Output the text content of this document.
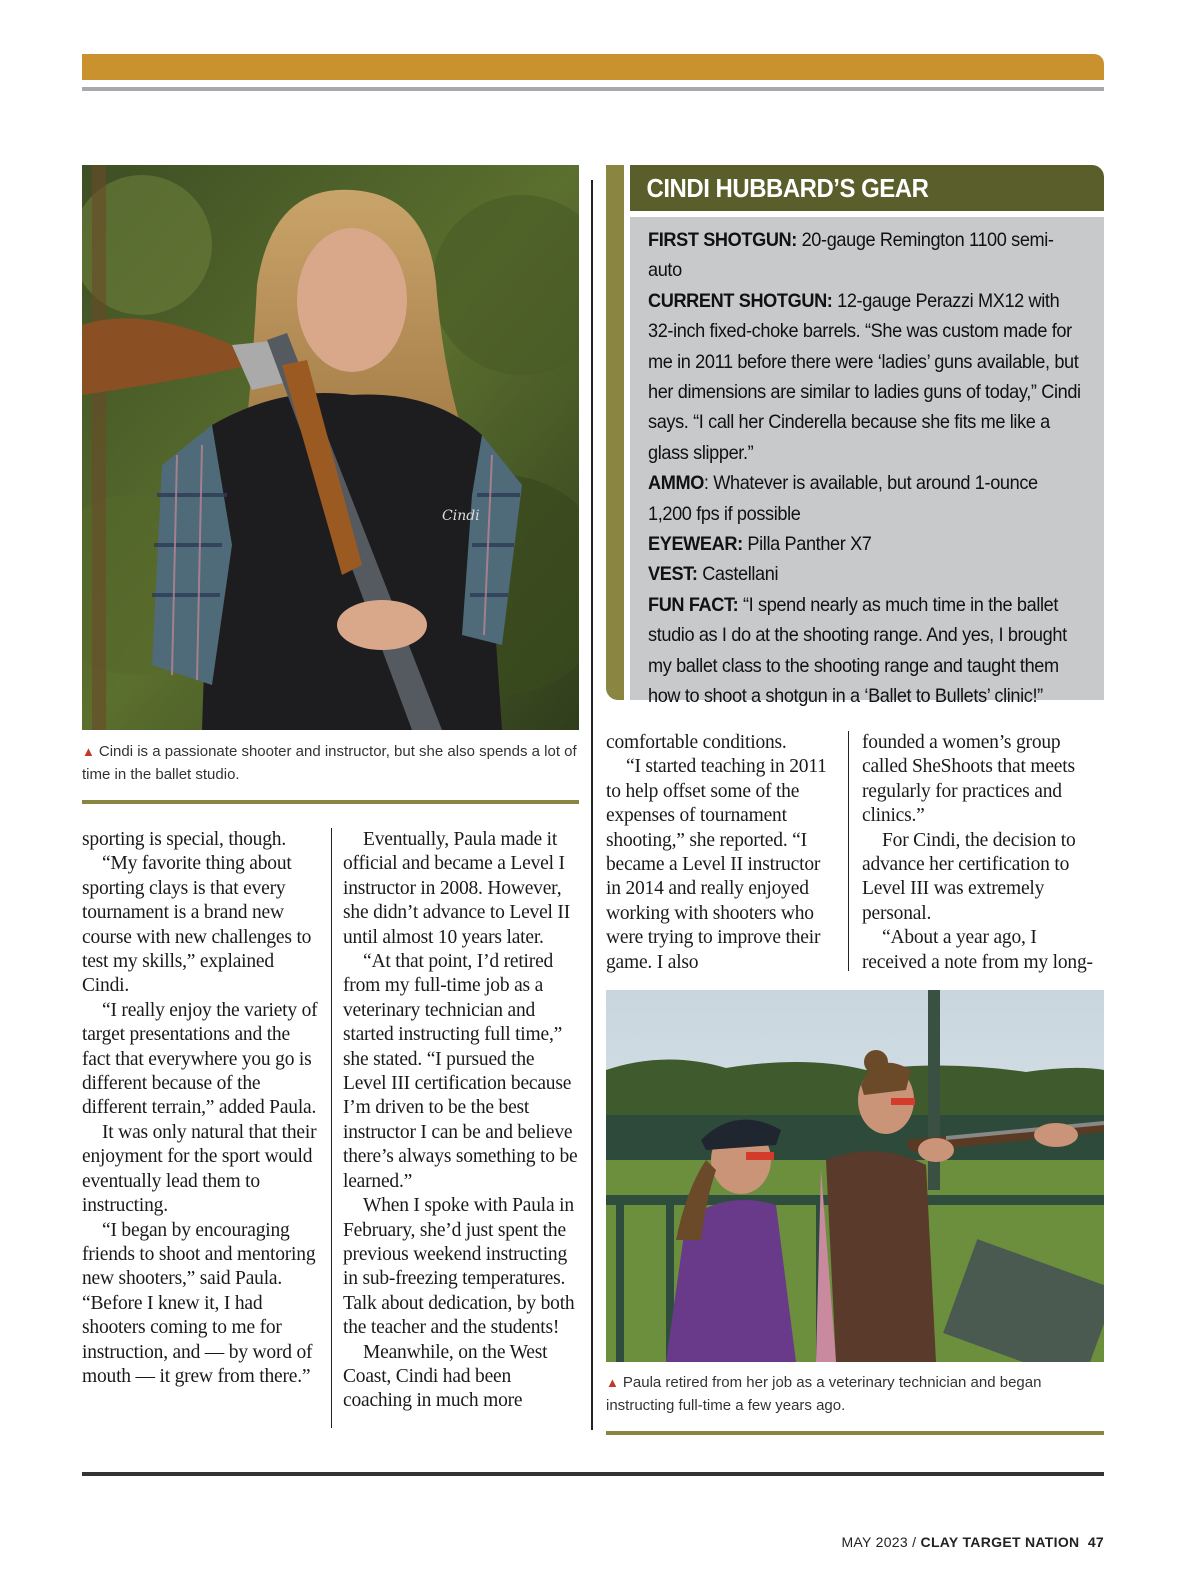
Cindi
▲ Cindi is a passionate shooter and instructor, but she also spends a lot of time in the ballet studio.
CINDI HUBBARD’S GEAR

FIRST SHOTGUN: 20-gauge Remington 1100 semi-auto

CURRENT SHOTGUN: 12-gauge Perazzi MX12 with 32-inch fixed-choke barrels. “She was custom made for me in 2011 before there were ‘ladies’ guns available, but her dimensions are similar to ladies guns of today,” Cindi says. “I call her Cinderella because she fits me like a glass slipper.”

AMMO: Whatever is available, but around 1-ounce 1,200 fps if possible

EYEWEAR: Pilla Panther X7

VEST: Castellani

FUN FACT: “I spend nearly as much time in the ballet studio as I do at the shooting range. And yes, I brought my ballet class to the shooting range and taught them how to shoot a shotgun in a ‘Ballet to Bullets’ clinic!”

sporting is special, though.

“My favorite thing about sporting clays is that every tournament is a brand new course with new challenges to test my skills,” explained Cindi.

“I really enjoy the variety of target presentations and the fact that everywhere you go is different because of the different terrain,” added Paula.

It was only natural that their enjoyment for the sport would eventually lead them to instructing.

“I began by encouraging friends to shoot and mentoring new shooters,” said Paula. “Before I knew it, I had shooters coming to me for instruction, and — by word of mouth — it grew from there.”

Eventually, Paula made it official and became a Level I instructor in 2008. However, she didn’t advance to Level II until almost 10 years later.

“At that point, I’d retired from my full-time job as a veterinary technician and started instructing full time,” she stated. “I pursued the Level III certification because I’m driven to be the best instructor I can be and believe there’s always something to be learned.”

When I spoke with Paula in February, she’d just spent the previous weekend instructing in sub-freezing temperatures. Talk about dedication, by both the teacher and the students!

Meanwhile, on the West Coast, Cindi had been coaching in much more

comfortable conditions.

“I started teaching in 2011 to help offset some of the expenses of tournament shooting,” she reported. “I became a Level II instructor in 2014 and really enjoyed working with shooters who were trying to improve their game. I also

founded a women’s group called SheShoots that meets regularly for practices and clinics.”

For Cindi, the decision to advance her certification to Level III was extremely personal.

“About a year ago, I received a note from my long-

▲ Paula retired from her job as a veterinary technician and began instructing full-time a few years ago.
MAY 2023 / CLAY TARGET NATION 47
